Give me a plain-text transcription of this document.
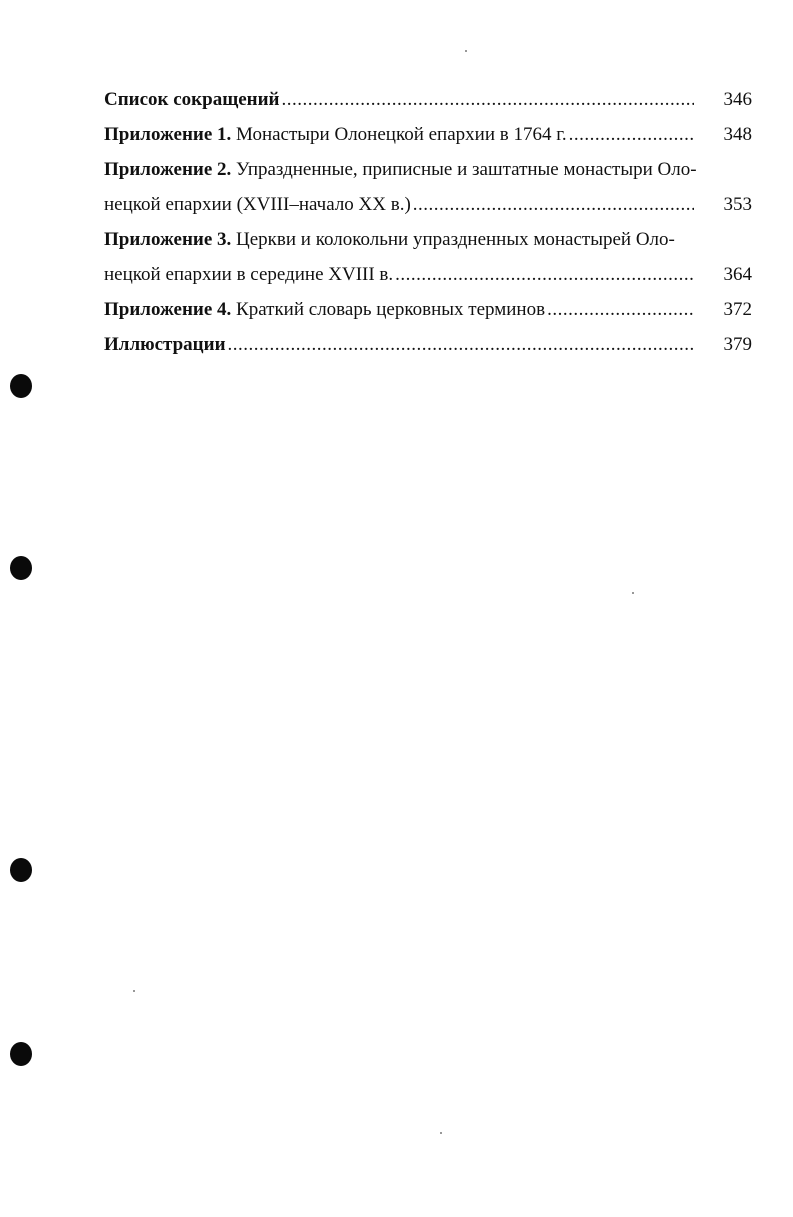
Список сокращений .....	346
Приложение 1. Монастыри Олонецкой епархии в 1764 г. .....	348
Приложение 2. Упраздненные, приписные и заштатные монастыри Оло-
нецкой епархии (XVIII–начало XX в.) .....	353
Приложение 3. Церкви и колокольни упраздненных монастырей Оло-
нецкой епархии в середине XVIII в. .....	364
Приложение 4. Краткий словарь церковных терминов .....	372
Иллюстрации .....	379
